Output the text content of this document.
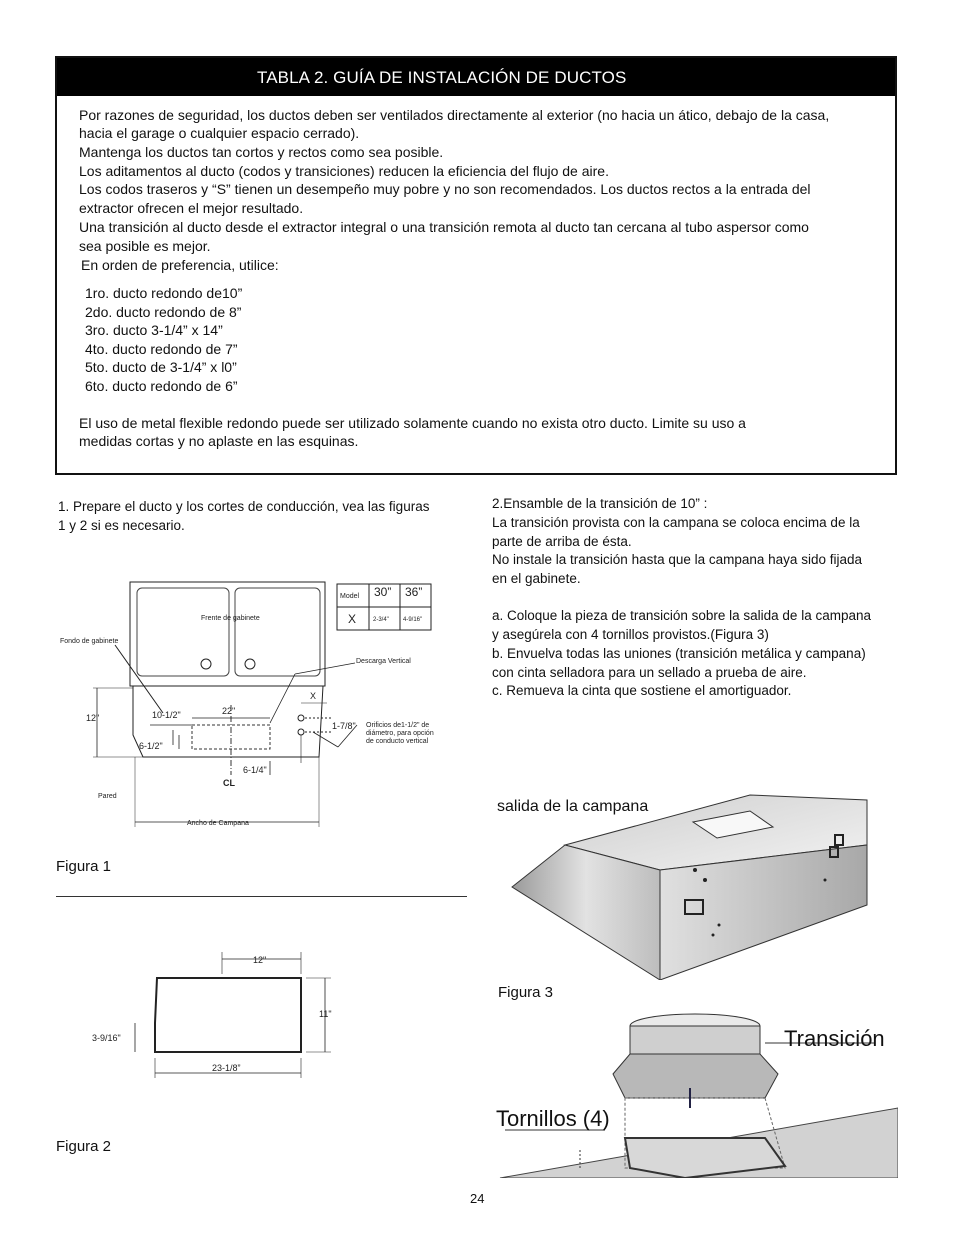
TABLA 2. GUÍA DE INSTALACIÓN DE DUCTOS
Por razones de seguridad, los ductos deben ser ventilados directamente al exterior (no hacia un ático, debajo de la casa,
hacia el garage o cualquier espacio cerrado).
Mantenga los ductos tan cortos y rectos como sea posible.
Los aditamentos al ducto (codos y transiciones) reducen la eficiencia del flujo de aire.
Los codos traseros y “S” tienen un desempeño muy pobre y no son recomendados. Los ductos rectos a la entrada del
extractor ofrecen el mejor resultado.
Una transición al ducto desde el extractor integral o una transición remota al ducto tan cercana al tubo aspersor como
sea posible es mejor.
En orden de preferencia, utilice:
1ro. ducto redondo de10”
2do. ducto redondo de 8”
3ro. ducto 3-1/4” x 14”
4to. ducto redondo de 7”
5to. ducto de 3-1/4” x l0”
6to. ducto redondo de 6”
El uso de metal flexible redondo puede ser utilizado solamente cuando no exista otro ducto. Limite su uso a
medidas cortas y no aplaste en las esquinas.
1. Prepare el ducto y los cortes de conducción, vea las figuras
1 y 2 si es necesario.
2.Ensamble de la transición de 10” :
La transición provista con la campana se coloca encima de la
parte de arriba de ésta.
No instale la transición hasta que la campana haya sido fijada
en el gabinete.
a. Coloque la pieza de transición sobre la salida de la campana
y asegúrela con 4 tornillos provistos.(Figura 3)
b. Envuelva todas las uniones (transición metálica y campana)
con cinta selladora para un sellado a prueba de aire.
c. Remueva la cinta que sostiene el amortiguador.
Frente de gabinete
Fondo de gabinete
Descarga Vertical
Orificios de1-1/2" de
diámetro, para opción
de conducto vertical
Pared
Ancho de Campana
12"	10-1/2"	22"
6-1/2"
6-1/4"
1-7/8"
CL
X
Model 30” 36”
X	2-3/4" 4-9/16"
Figura 1
12"
11"
3-9/16"
23-1/8”
Figura 2
salida de la campana
Figura 3
Transición
Tornillos (4)
24
